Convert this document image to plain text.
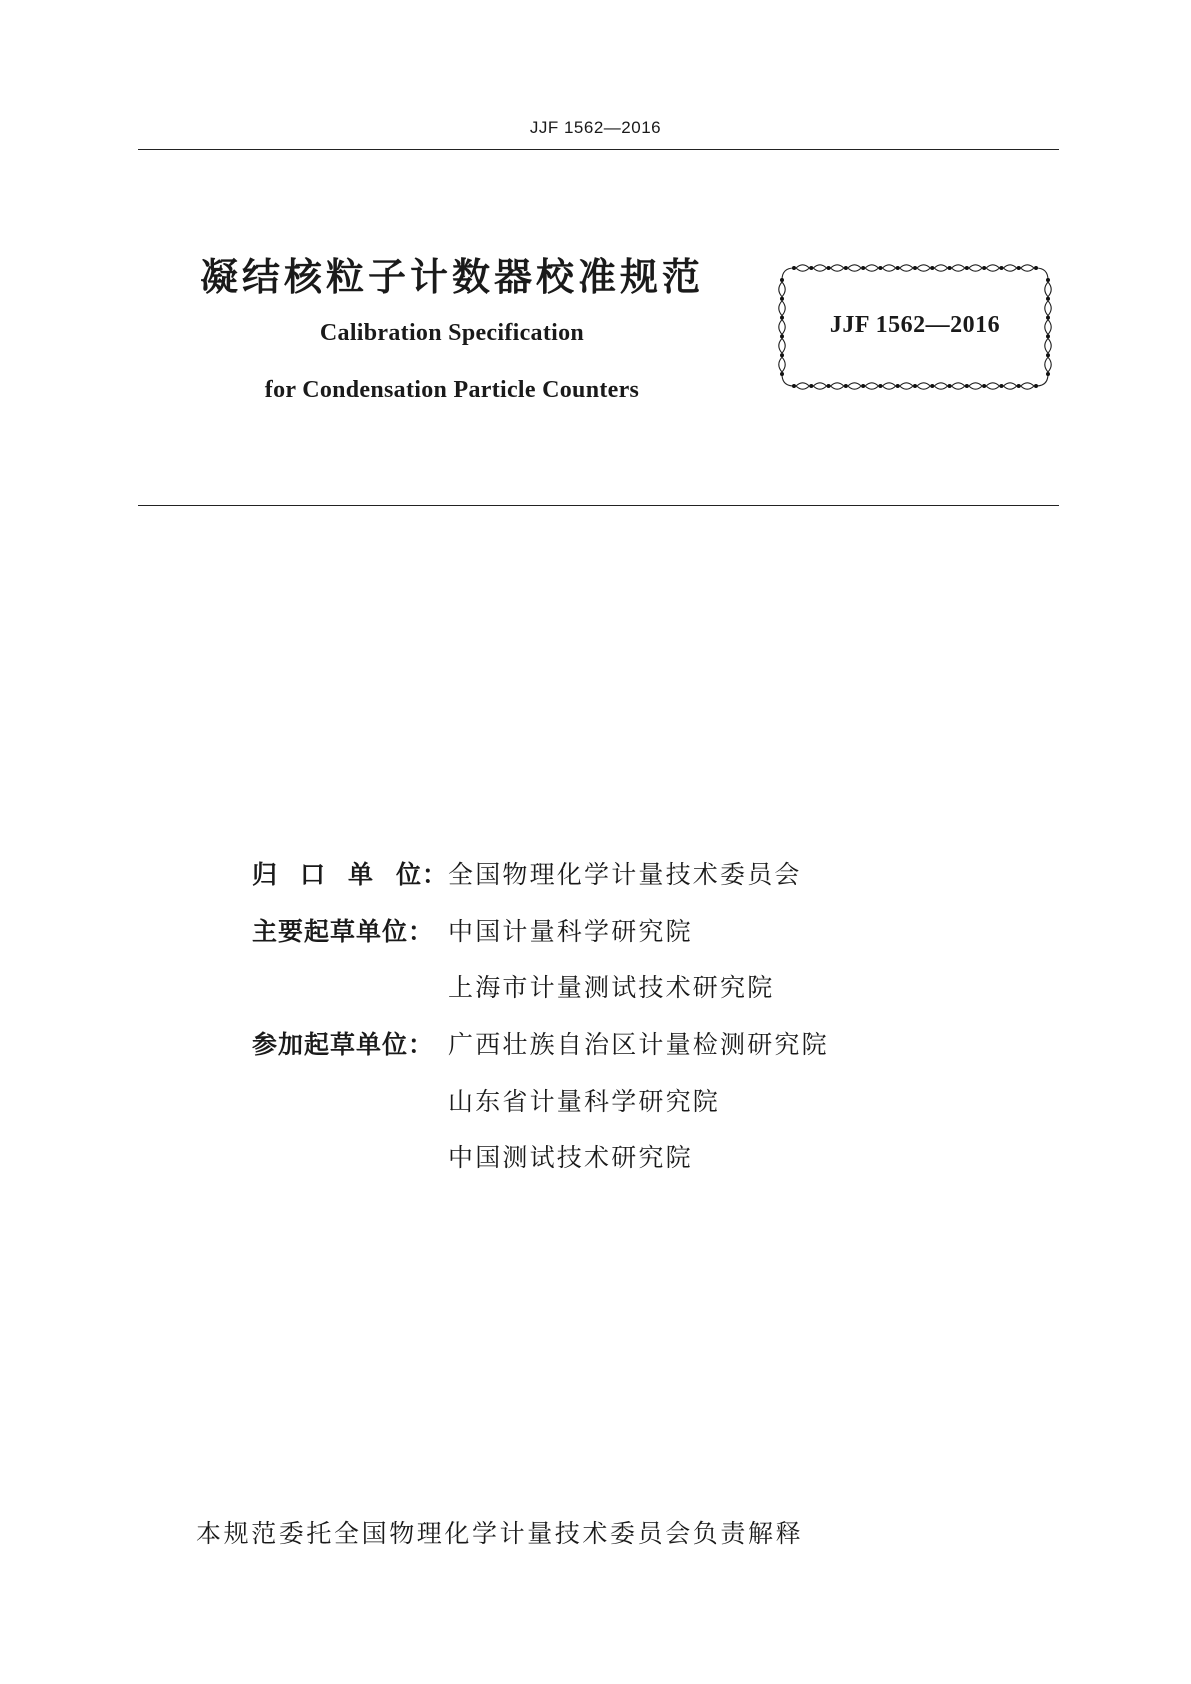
JJF 1562—2016
凝结核粒子计数器校准规范
Calibration Specification
for Condensation Particle Counters
JJF 1562—2016
归 口 单 位： 全国物理化学计量技术委员会
主要起草单位： 中国计量科学研究院
上海市计量测试技术研究院
参加起草单位： 广西壮族自治区计量检测研究院
山东省计量科学研究院
中国测试技术研究院
本规范委托全国物理化学计量技术委员会负责解释
